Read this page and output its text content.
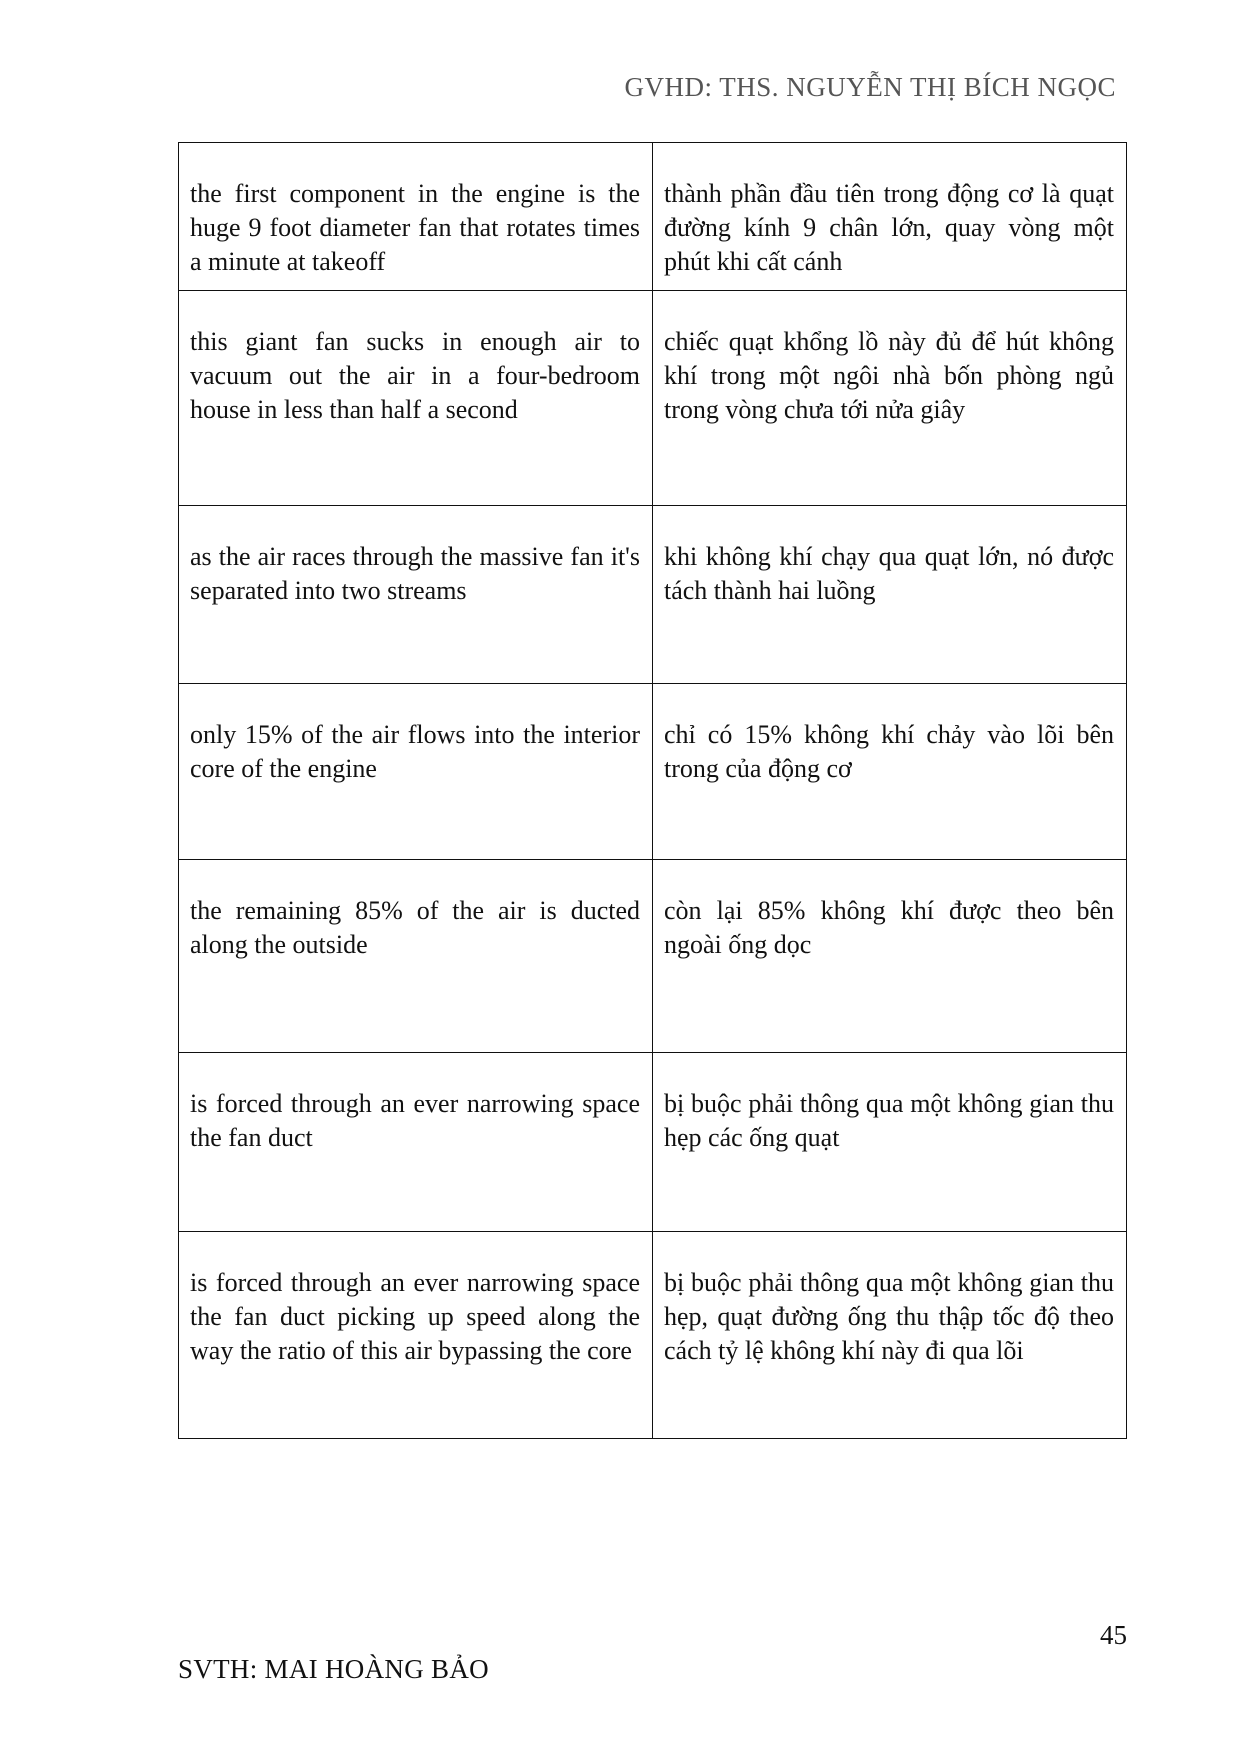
GVHD: THS. NGUYỄN THỊ BÍCH NGỌC
the first component in the engine is the huge 9 foot diameter fan that rotates times a minute at takeoff	thành phần đầu tiên trong động cơ là quạt đường kính 9 chân lớn, quay vòng một phút khi cất cánh
this giant fan sucks in enough air to vacuum out the air in a four-bedroom house in less than half a second	chiếc quạt khổng lồ này đủ để hút không khí trong một ngôi nhà bốn phòng ngủ trong vòng chưa tới nửa giây
as the air races through the massive fan it's separated into two streams	khi không khí chạy qua quạt lớn, nó được tách thành hai luồng
only 15% of the air flows into the interior core of the engine	chỉ có 15% không khí chảy vào lõi bên trong của động cơ
the remaining 85% of the air is ducted along the outside	còn lại 85% không khí được theo bên ngoài ống dọc
is forced through an ever narrowing space the fan duct	bị buộc phải thông qua một không gian thu hẹp các ống quạt
is forced through an ever narrowing space the fan duct picking up speed along the way the ratio of this air bypassing the core	bị buộc phải thông qua một không gian thu hẹp, quạt đường ống thu thập tốc độ theo cách tỷ lệ không khí này đi qua lõi
45
SVTH: MAI HOÀNG BẢO
